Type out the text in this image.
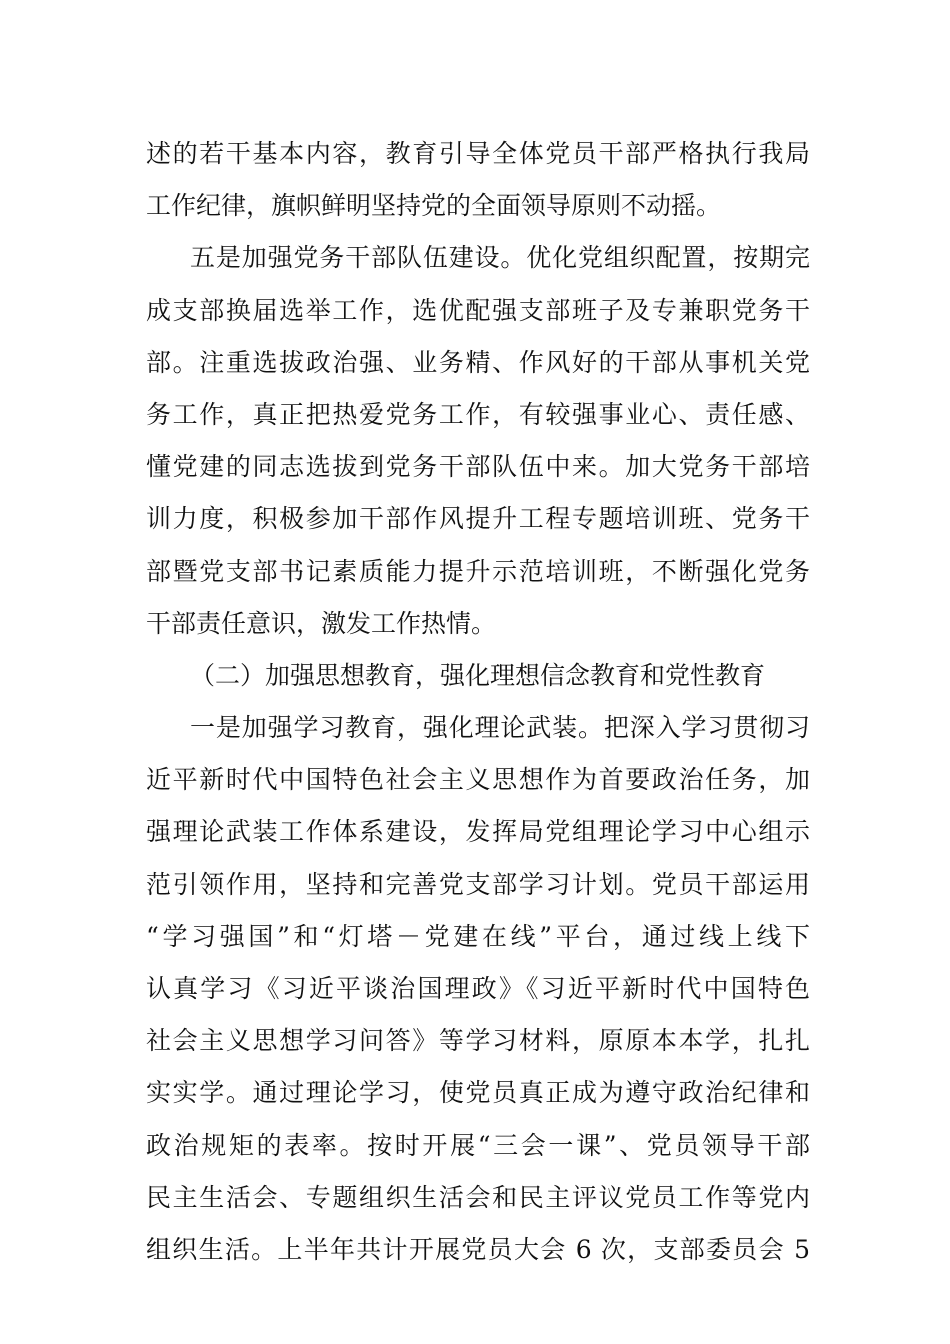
述的若干基本内容，教育引导全体党员干部严格执行我局
工作纪律，旗帜鲜明坚持党的全面领导原则不动摇。
五是加强党务干部队伍建设。优化党组织配置，按期完
成支部换届选举工作，选优配强支部班子及专兼职党务干
部。注重选拔政治强、业务精、作风好的干部从事机关党
务工作，真正把热爱党务工作，有较强事业心、责任感、
懂党建的同志选拔到党务干部队伍中来。加大党务干部培
训力度，积极参加干部作风提升工程专题培训班、党务干
部暨党支部书记素质能力提升示范培训班，不断强化党务
干部责任意识，激发工作热情。
（二）加强思想教育，强化理想信念教育和党性教育
一是加强学习教育，强化理论武装。把深入学习贯彻习
近平新时代中国特色社会主义思想作为首要政治任务，加
强理论武装工作体系建设，发挥局党组理论学习中心组示
范引领作用，坚持和完善党支部学习计划。党员干部运用
“学习强国”和“灯塔－党建在线”平台，通过线上线下
认真学习《习近平谈治国理政》《习近平新时代中国特色
社会主义思想学习问答》等学习材料，原原本本学，扎扎
实实学。通过理论学习，使党员真正成为遵守政治纪律和
政治规矩的表率。按时开展“三会一课”、党员领导干部
民主生活会、专题组织生活会和民主评议党员工作等党内
组织生活。上半年共计开展党员大会 6 次，支部委员会 5
